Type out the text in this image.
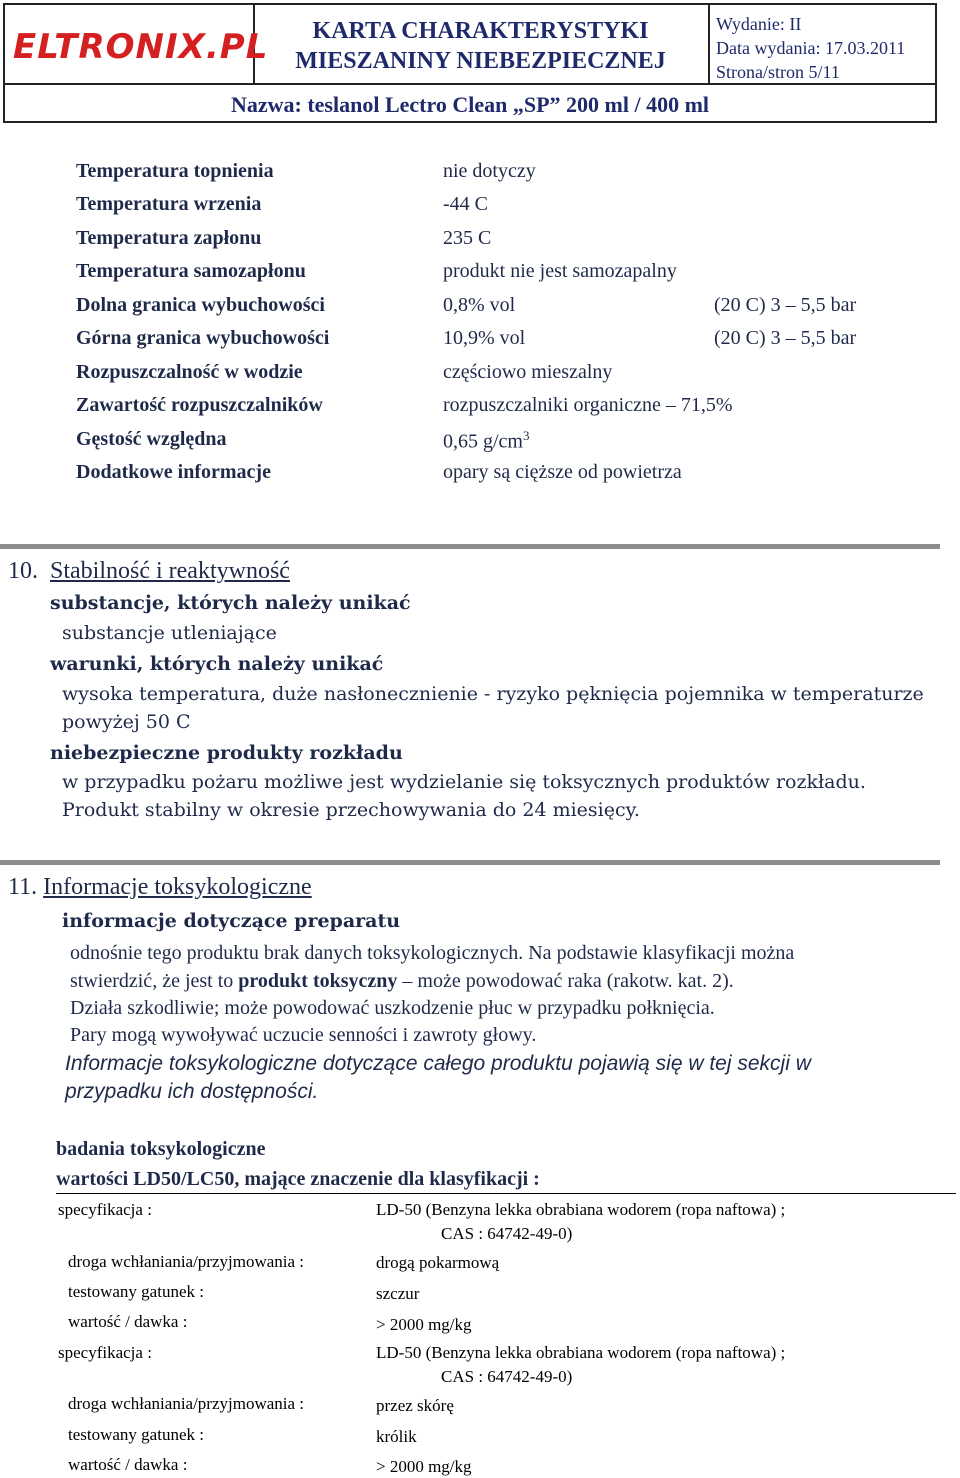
ELTRONIX.PL	KARTA CHARAKTERYSTYKI
MIESZANINY NIEBEZPIECZNEJ
Wydanie: II
Data wydania: 17.03.2011
Strona/stron 5/11
Nazwa: teslanol Lectro Clean „SP” 200 ml / 400 ml
Temperatura topnienia	nie dotyczy
Temperatura wrzenia	-44 C
Temperatura zapłonu	235 C
Temperatura samozapłonu	produkt nie jest samozapalny
Dolna granica wybuchowości	0,8% vol	(20 C) 3 – 5,5 bar
Górna granica wybuchowości	10,9% vol	(20 C) 3 – 5,5 bar
Rozpuszczalność w wodzie	częściowo mieszalny
Zawartość rozpuszczalników	rozpuszczalniki organiczne – 71,5%
Gęstość względna	0,65 $g/cm^3$
Dodatkowe informacje	opary są cięższe od powietrza
10. Stabilność i reaktywność
substancje, których należy unikać
substancje utleniające
warunki, których należy unikać
wysoka temperatura, duże nasłonecznienie - ryzyko pęknięcia pojemnika w temperaturze
powyżej 50 C
niebezpieczne produkty rozkładu
w przypadku pożaru możliwe jest wydzielanie się toksycznych produktów rozkładu.
Produkt stabilny w okresie przechowywania do 24 miesięcy.
11. Informacje toksykologiczne
informacje dotyczące preparatu
odnośnie tego produktu brak danych toksykologicznych. Na podstawie klasyfikacji można
stwierdzić, że jest to produkt toksyczny – może powodować raka (rakotw. kat. 2).
Działa szkodliwie; może powodować uszkodzenie płuc w przypadku połknięcia.
Pary mogą wywoływać uczucie senności i zawroty głowy.
Informacje toksykologiczne dotyczące całego produktu pojawią się w tej sekcji w
przypadku ich dostępności.
badania toksykologiczne
wartości LD50/LC50, mające znaczenie dla klasyfikacji :
specyfikacja :	LD-50 (Benzyna lekka obrabiana wodorem (ropa naftowa) ;
CAS : 64742-49-0)
droga wchłaniania/przyjmowania :	drogą pokarmową
testowany gatunek :	szczur
wartość / dawka :	> 2000 mg/kg
specyfikacja :	LD-50 (Benzyna lekka obrabiana wodorem (ropa naftowa) ;
CAS : 64742-49-0)
droga wchłaniania/przyjmowania :	przez skórę
testowany gatunek :	królik
wartość / dawka :	> 2000 mg/kg
